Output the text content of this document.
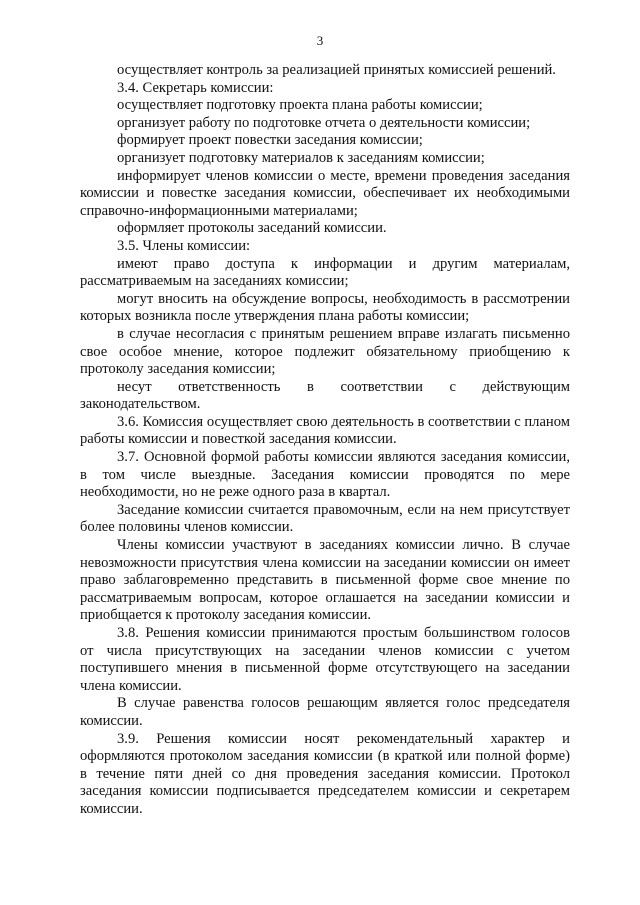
3

осуществляет контроль за реализацией принятых комиссией решений.

3.4. Секретарь комиссии:

осуществляет подготовку проекта плана работы комиссии;

организует работу по подготовке отчета о деятельности комиссии;

формирует проект повестки заседания комиссии;

организует подготовку материалов к заседаниям комиссии;

информирует членов комиссии о месте, времени проведения заседания комиссии и повестке заседания комиссии, обеспечивает их необходимыми справочно-информационными материалами;

оформляет протоколы заседаний комиссии.

3.5. Члены комиссии:

имеют право доступа к информации и другим материалам, рассматриваемым на заседаниях комиссии;

могут вносить на обсуждение вопросы, необходимость в рассмотрении которых возникла после утверждения плана работы комиссии;

в случае несогласия с принятым решением вправе излагать письменно свое особое мнение, которое подлежит обязательному приобщению к протоколу заседания комиссии;

несут ответственность в соответствии с действующим законодательством.

3.6. Комиссия осуществляет свою деятельность в соответствии с планом работы комиссии и повесткой заседания комиссии.

3.7. Основной формой работы комиссии являются заседания комиссии, в том числе выездные. Заседания комиссии проводятся по мере необходимости, но не реже одного раза в квартал.

Заседание комиссии считается правомочным, если на нем присутствует более половины членов комиссии.

Члены комиссии участвуют в заседаниях комиссии лично. В случае невозможности присутствия члена комиссии на заседании комиссии он имеет право заблаговременно представить в письменной форме свое мнение по рассматриваемым вопросам, которое оглашается на заседании комиссии и приобщается к протоколу заседания комиссии.

3.8. Решения комиссии принимаются простым большинством голосов от числа присутствующих на заседании членов комиссии с учетом поступившего мнения в письменной форме отсутствующего на заседании члена комиссии.

В случае равенства голосов решающим является голос председателя комиссии.

3.9. Решения комиссии носят рекомендательный характер и оформляются протоколом заседания комиссии (в краткой или полной форме) в течение пяти дней со дня проведения заседания комиссии. Протокол заседания комиссии подписывается председателем комиссии и секретарем комиссии.
